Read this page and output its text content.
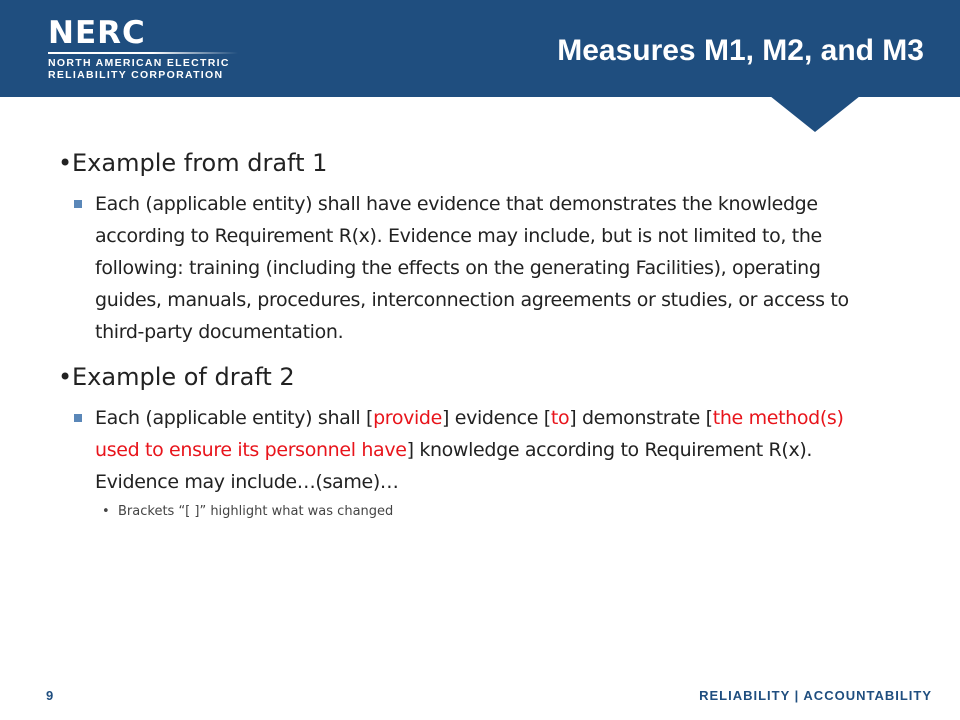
NERC
NORTH AMERICAN ELECTRIC
RELIABILITY CORPORATION
Measures M1, M2, and M3

• Example from draft 1

Each (applicable entity) shall have evidence that demonstrates the knowledge according to Requirement R(x). Evidence may include, but is not limited to, the following: training (including the effects on the generating Facilities), operating guides, manuals, procedures, interconnection agreements or studies, or access to third-party documentation.

• Example of draft 2

Each (applicable entity) shall [provide] evidence [to] demonstrate [the method(s) used to ensure its personnel have] knowledge according to Requirement R(x). Evidence may include…(same)…

• Brackets “[ ]” highlight what was changed

9	RELIABILITY | ACCOUNTABILITY
